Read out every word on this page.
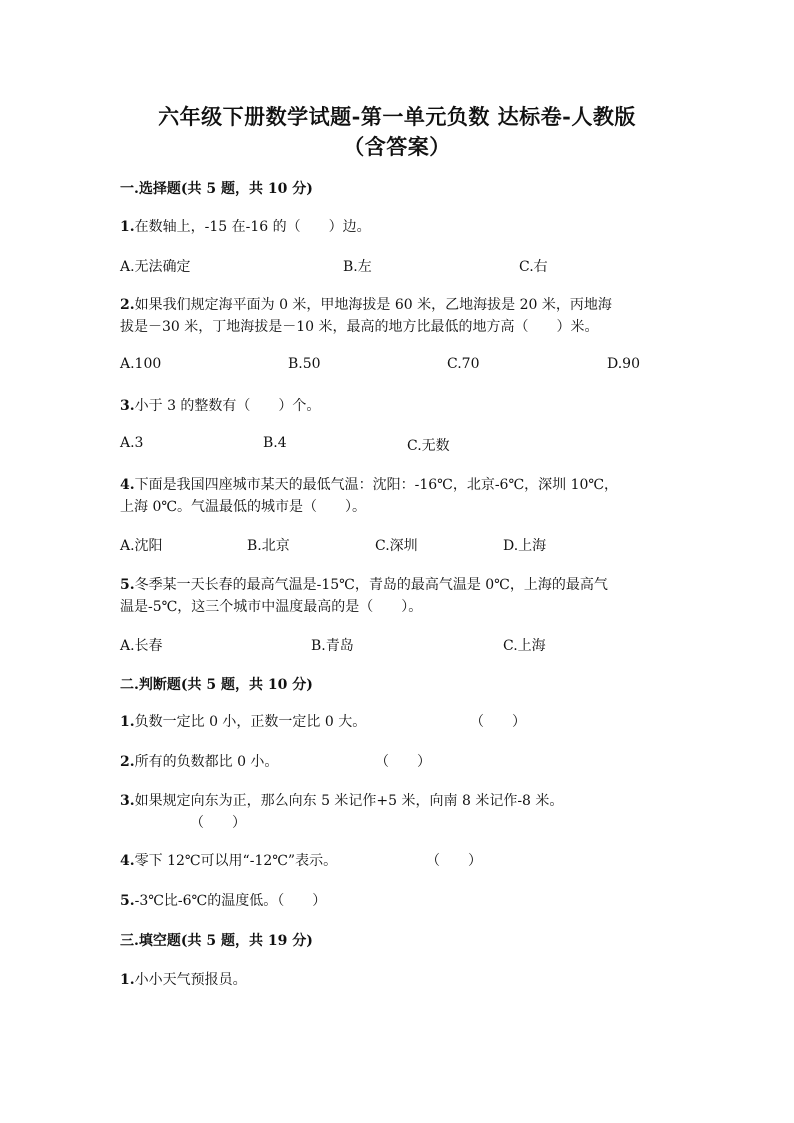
六年级下册数学试题-第一单元负数 达标卷-人教版
（含答案）
一.选择题(共 5 题，共 10 分)
1.在数轴上，-15 在-16 的（　　）边。
A.无法确定	B.左	C.右
2.如果我们规定海平面为 0 米，甲地海拔是 60 米，乙地海拔是 20 米，丙地海
拔是－30 米，丁地海拔是－10 米，最高的地方比最低的地方高（　　）米。
A.100	B.50	C.70	D.90
3.小于 3 的整数有（　　）个。
A.3	B.4	C.无数
4.下面是我国四座城市某天的最低气温：沈阳：-16℃，北京-6℃，深圳 10℃，
上海 0℃。气温最低的城市是（　　）。
A.沈阳	B.北京	C.深圳	D.上海
5.冬季某一天长春的最高气温是-15℃，青岛的最高气温是 0℃，上海的最高气
温是-5℃，这三个城市中温度最高的是（　　）。
A.长春	B.青岛	C.上海
二.判断题(共 5 题，共 10 分)
1.负数一定比 0 小，正数一定比 0 大。	（　　）
2.所有的负数都比 0 小。	（　　）
3.如果规定向东为正，那么向东 5 米记作+5 米，向南 8 米记作-8 米。
（　　）
4.零下 12℃可以用“-12℃”表示。	（　　）
5.-3℃比-6℃的温度低。（　　）
三.填空题(共 5 题，共 19 分)
1.小小天气预报员。
